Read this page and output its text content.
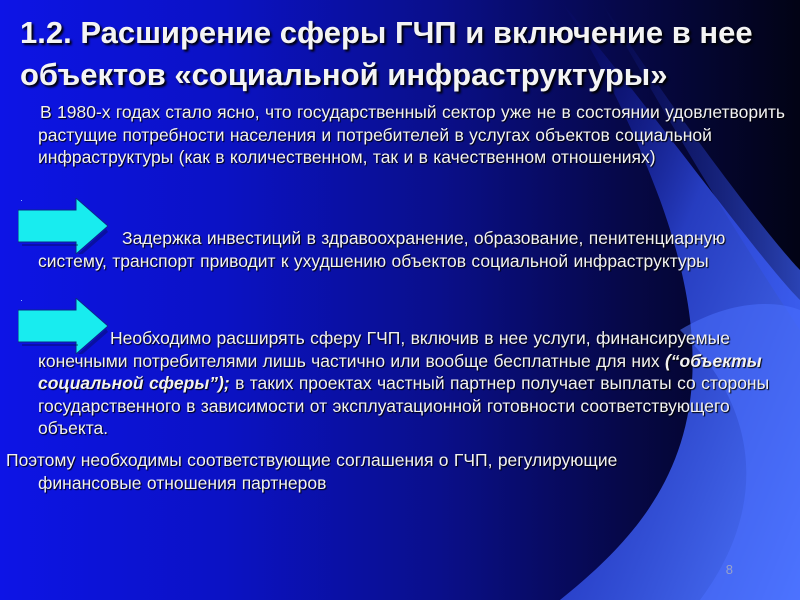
1.2. Расширение сферы ГЧП и включение в нее объектов «социальной инфраструктуры»

В 1980-х годах стало ясно, что государственный сектор уже не в состоянии удовлетворить растущие потребности населения и потребителей в услугах объектов социальной инфраструктуры (как в количественном, так и в качественном отношениях)

·

Задержка инвестиций в здравоохранение, образование, пенитенциарную систему, транспорт приводит к ухудшению объектов социальной инфраструктуры

·

Необходимо расширять сферу ГЧП, включив в нее услуги, финансируемые конечными потребителями лишь частично или вообще бесплатные для них (“объекты социальной сферы”); в таких проектах частный партнер получает выплаты со стороны государственного в зависимости от эксплуатационной готовности соответствующего объекта.

Поэтому необходимы соответствующие соглашения о ГЧП, регулирующие
финансовые отношения партнеров

8
